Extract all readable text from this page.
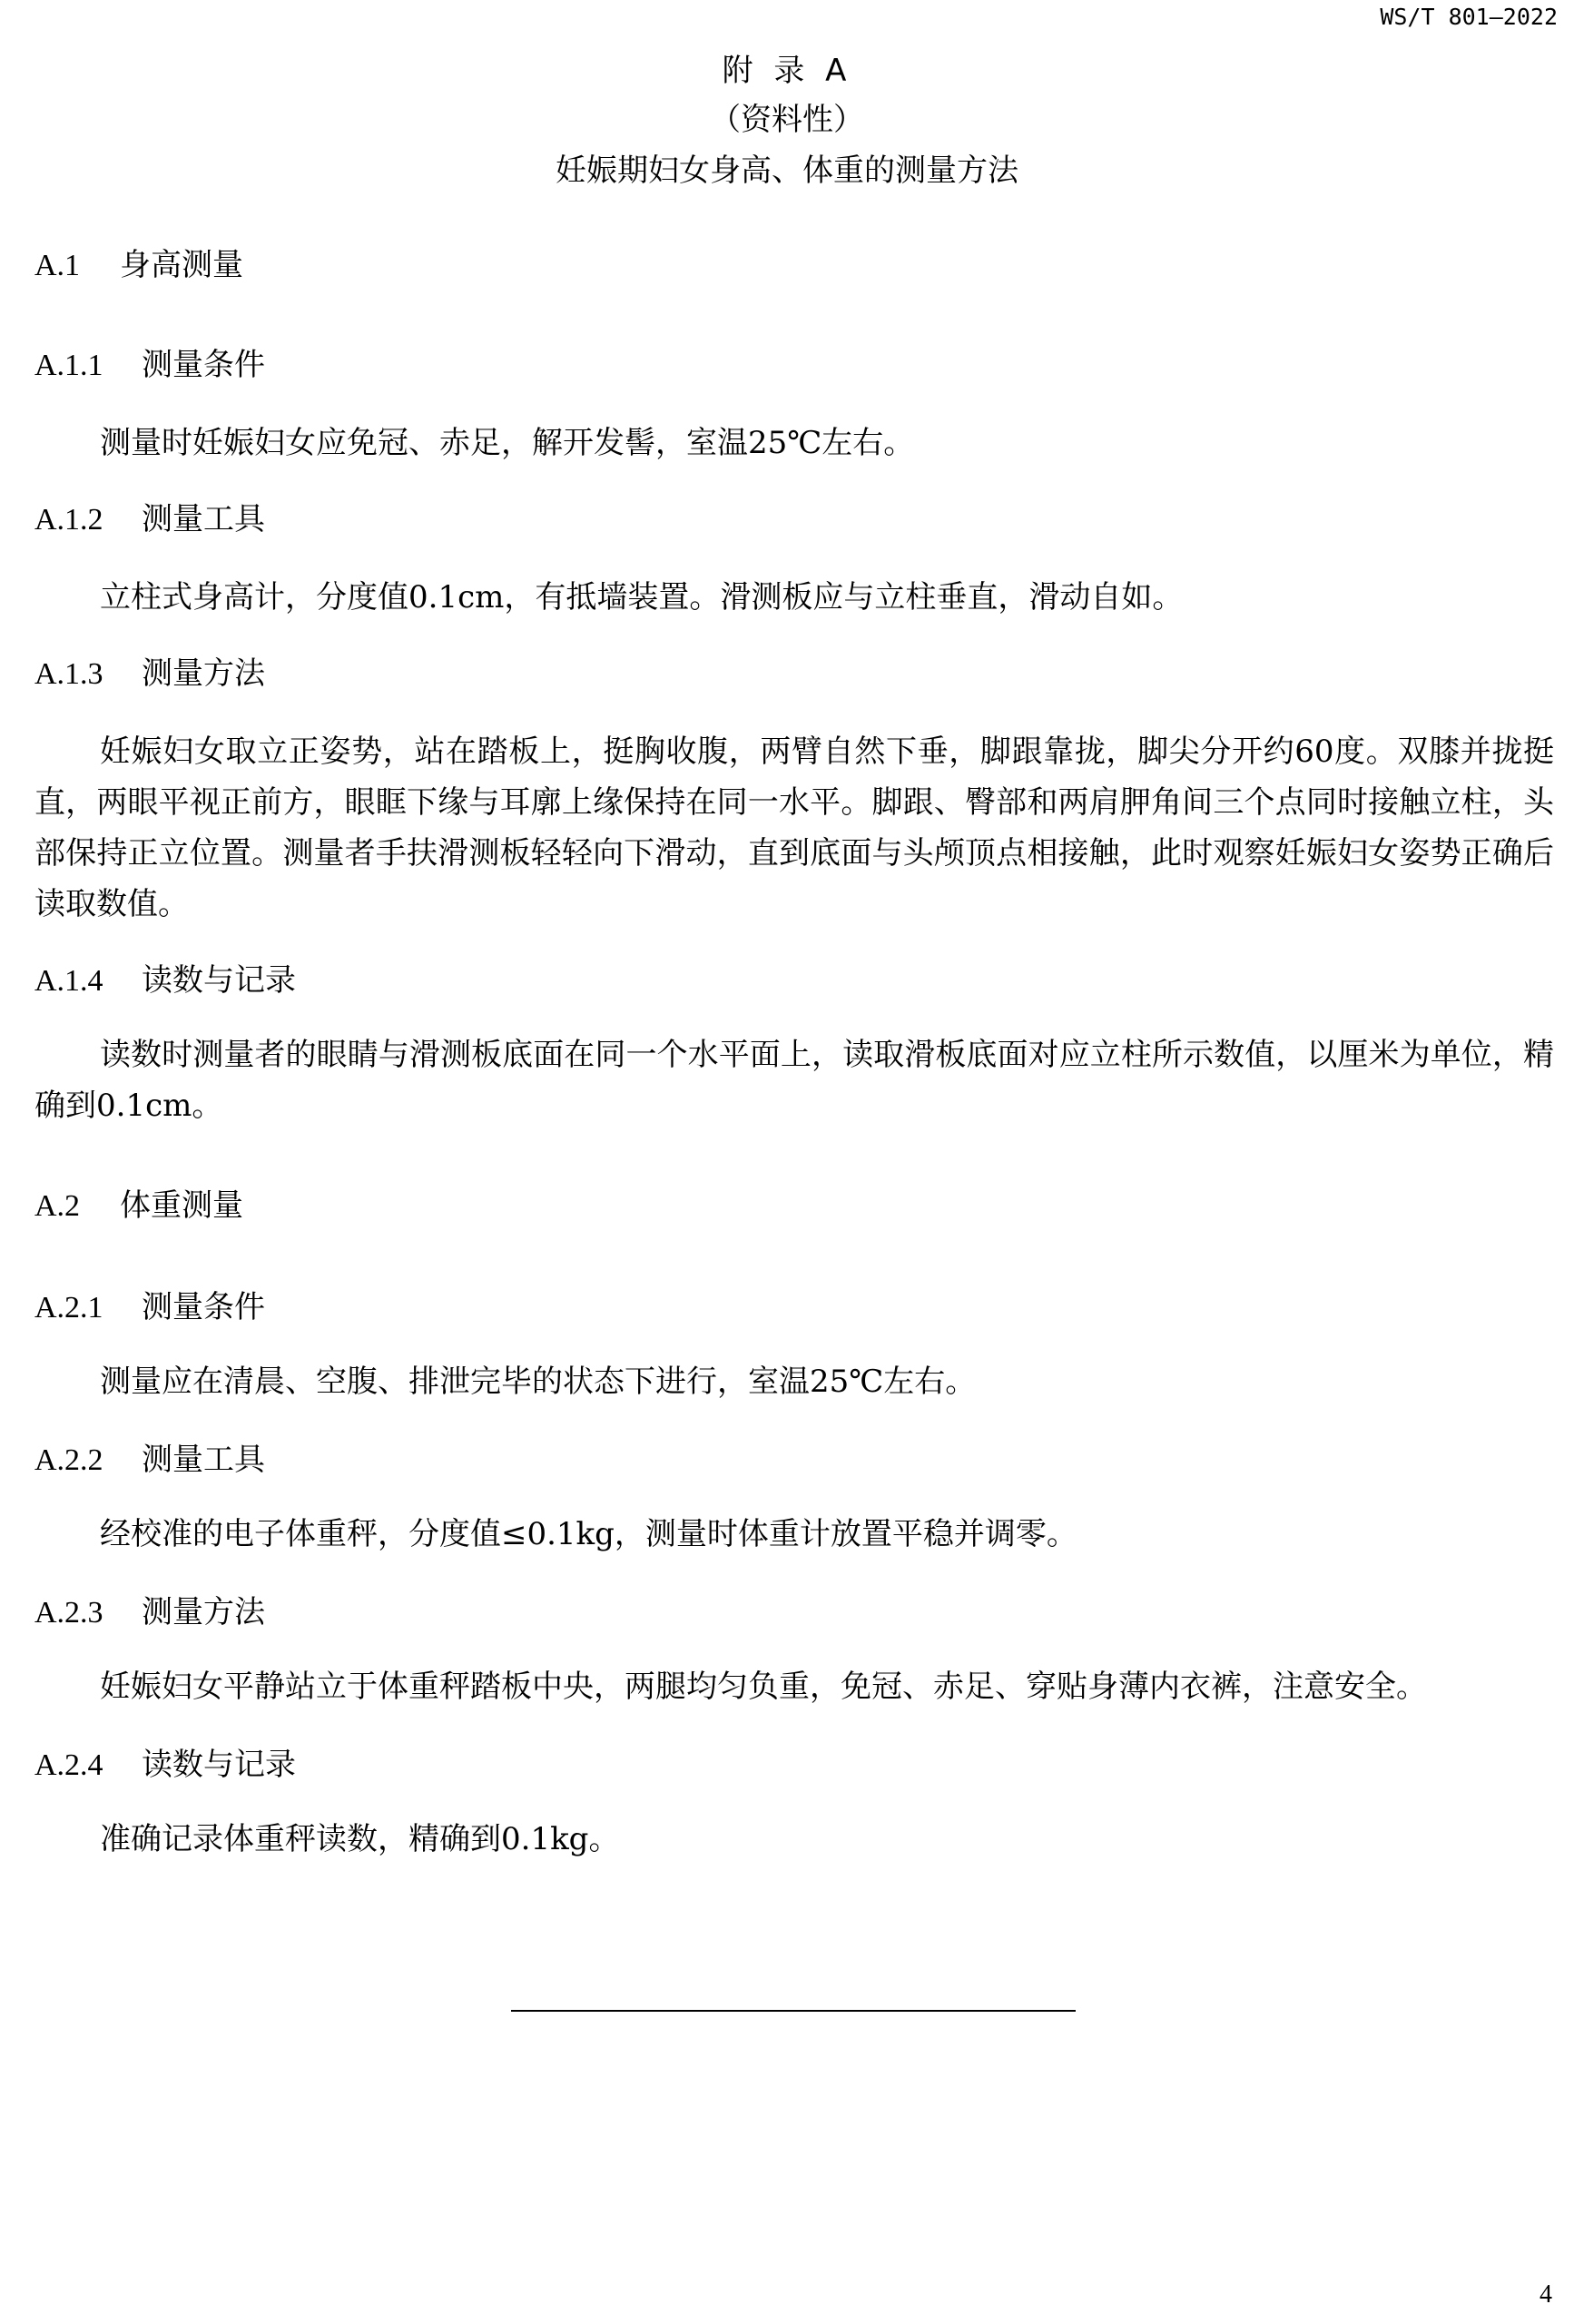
WS/T 801—2022
附 录 A
（资料性）
妊娠期妇女身高、体重的测量方法
A.1 身高测量
A.1.1 测量条件
测量时妊娠妇女应免冠、赤足，解开发髻，室温25℃左右。
A.1.2 测量工具
立柱式身高计，分度值0.1cm，有抵墙装置。滑测板应与立柱垂直，滑动自如。
A.1.3 测量方法
妊娠妇女取立正姿势，站在踏板上，挺胸收腹，两臂自然下垂，脚跟靠拢，脚尖分开约60度。双膝并拢挺直，两眼平视正前方，眼眶下缘与耳廓上缘保持在同一水平。脚跟、臀部和两肩胛角间三个点同时接触立柱，头部保持正立位置。测量者手扶滑测板轻轻向下滑动，直到底面与头颅顶点相接触，此时观察妊娠妇女姿势正确后读取数值。
A.1.4 读数与记录
读数时测量者的眼睛与滑测板底面在同一个水平面上，读取滑板底面对应立柱所示数值，以厘米为单位，精确到0.1cm。
A.2 体重测量
A.2.1 测量条件
测量应在清晨、空腹、排泄完毕的状态下进行，室温25℃左右。
A.2.2 测量工具
经校准的电子体重秤，分度值≤0.1kg，测量时体重计放置平稳并调零。
A.2.3 测量方法
妊娠妇女平静站立于体重秤踏板中央，两腿均匀负重，免冠、赤足、穿贴身薄内衣裤，注意安全。
A.2.4 读数与记录
准确记录体重秤读数，精确到0.1kg。
4
